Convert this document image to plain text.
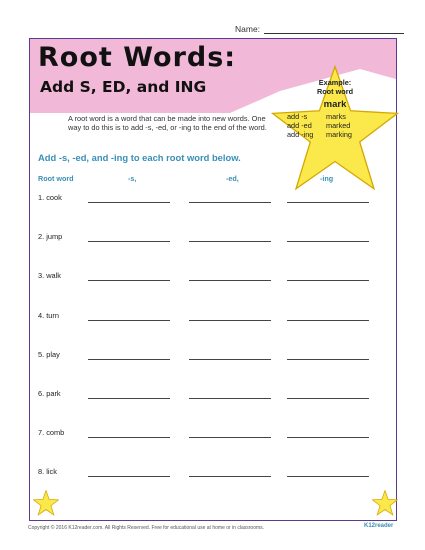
Name:
Root Words:
Add S, ED, and ING
A root word is a word that can be made into new words. One way to do this is to add -s, -ed, or -ing to the end of the word.
Example:
Root word
mark
add -s	marks
add -ed	marked
add -ing	marking
Add -s, -ed, and -ing to each root word below.
Root word	-s,	-ed,	-ing
1. cook
2. jump
3. walk
4. turn
5. play
6. park
7. comb
8. lick
Copyright © 2016 K12reader.com. All Rights Reserved. Free for educational use at home or in classrooms.	K12reader
